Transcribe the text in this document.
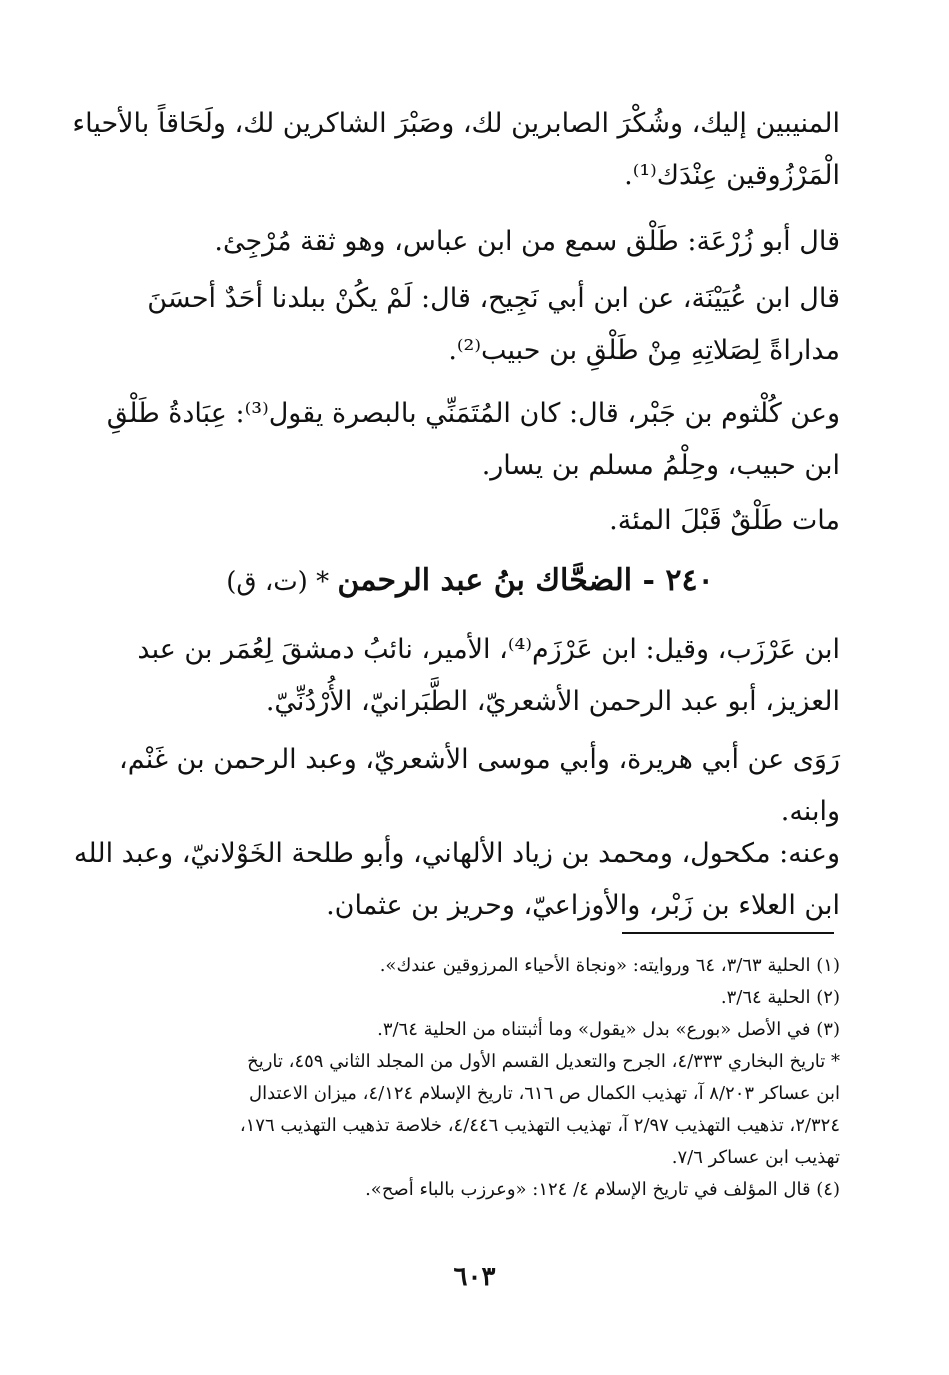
المنيبين إليك، وشُكْرَ الصابرين لك، وصَبْرَ الشاكرين لك، ولَحَاقاً بالأحياء
الْمَرْزُوقين عِنْدَك⁽¹⁾.

قال أبو زُرْعَة: طَلْق سمع من ابن عباس، وهو ثقة مُرْجِئ.

قال ابن عُيَيْنَة، عن ابن أبي نَجِيح، قال: لَمْ يكُنْ ببلدنا أحَدٌ أحسَنَ
مداراةً لِصَلاتِهِ مِنْ طَلْقِ بن حبيب⁽²⁾.

وعن كُلْثوم بن جَبْر، قال: كان المُتَمَنِّي بالبصرة يقول⁽³⁾: عِبَادةُ طَلْقِ
ابن حبيب، وحِلْمُ مسلم بن يسار.

مات طَلْقٌ قَبْلَ المئة.

٢٤٠ - الضحَّاك بنُ عبد الرحمن * (ت، ق)

ابن عَرْزَب، وقيل: ابن عَرْزَم⁽⁴⁾، الأمير، نائبُ دمشقَ لِعُمَر بن عبد
العزيز، أبو عبد الرحمن الأشعريّ، الطَّبَرانيّ، الأُرْدُنِّيّ.

رَوَى عن أبي هريرة، وأبي موسى الأشعريّ، وعبد الرحمن بن غَنْم،
وابنه.

وعنه: مكحول، ومحمد بن زياد الألهاني، وأبو طلحة الخَوْلانيّ، وعبد الله
ابن العلاء بن زَبْر، والأوزاعيّ، وحريز بن عثمان.

(١) الحلية ٣/٦٣، ٦٤ وروايته: «ونجاة الأحياء المرزوقين عندك».
(٢) الحلية ٣/٦٤.
(٣) في الأصل «بورع» بدل «يقول» وما أثبتناه من الحلية ٣/٦٤.
* تاريخ البخاري ٤/٣٣٣، الجرح والتعديل القسم الأول من المجلد الثاني ٤٥٩، تاريخ
ابن عساكر ٨/٢٠٣ آ، تهذيب الكمال ص ٦١٦، تاريخ الإسلام ٤/١٢٤، ميزان الاعتدال
٢/٣٢٤، تذهيب التهذيب ٢/٩٧ آ، تهذيب التهذيب ٤/٤٤٦، خلاصة تذهيب التهذيب ١٧٦،
تهذيب ابن عساكر ٧/٦.
(٤) قال المؤلف في تاريخ الإسلام ٤/ ١٢٤: «وعرزب بالباء أصح».
٦٠٣
